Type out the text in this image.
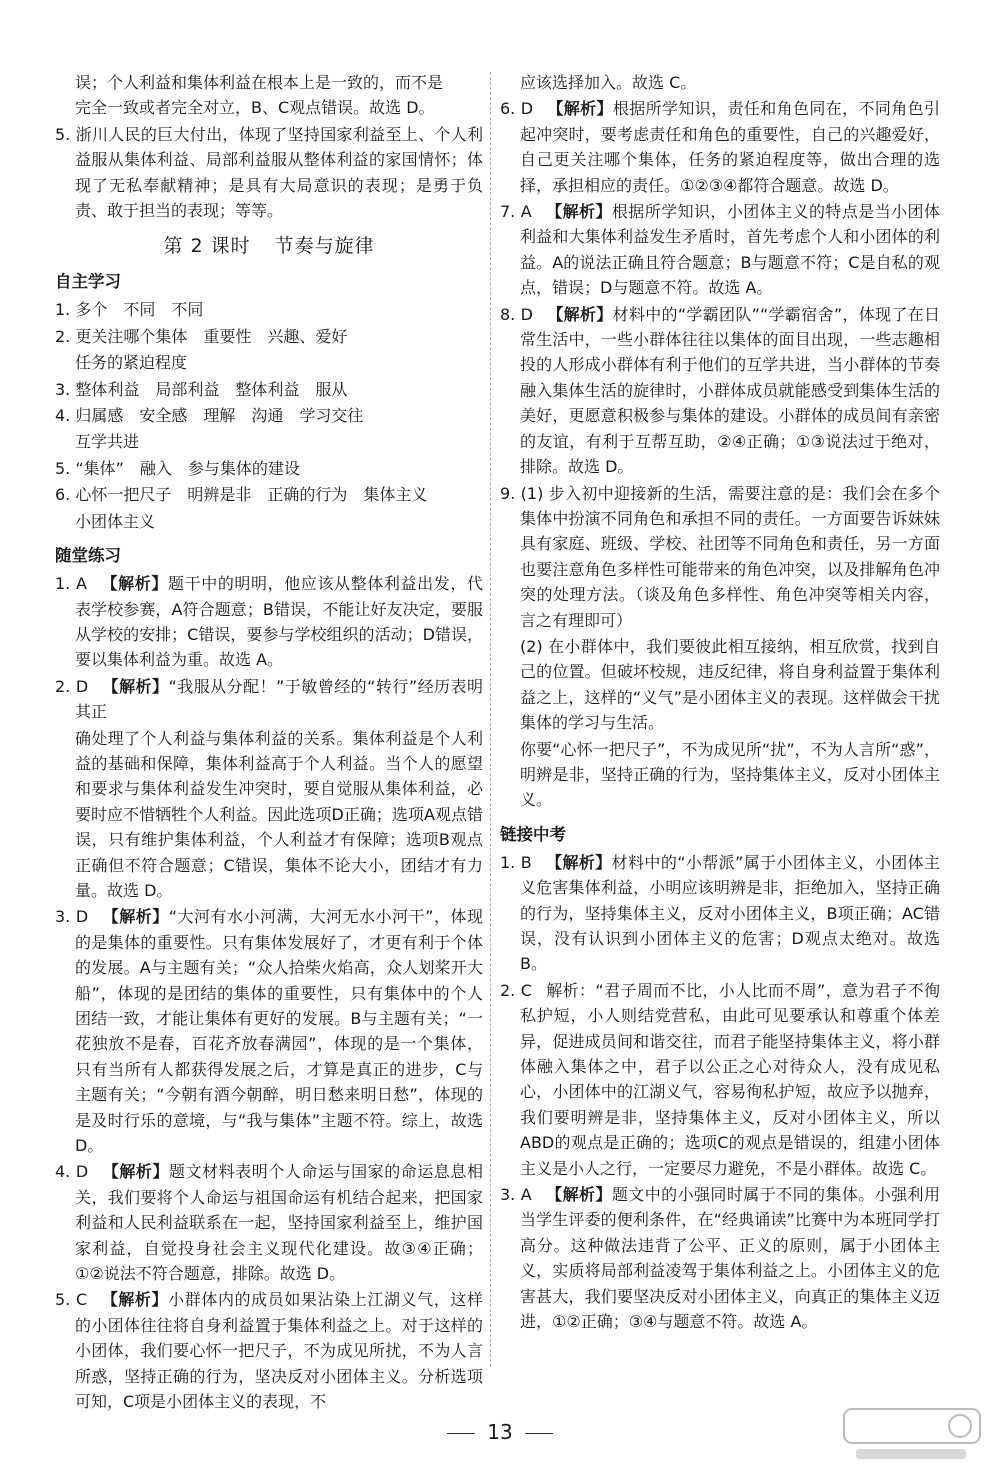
误；个人利益和集体利益在根本上是一致的，而不是
完全一致或者完全对立，B、C观点错误。故选 D。

5. 浙川人民的巨大付出，体现了坚持国家利益至上、个人利益服从集体利益、局部利益服从整体利益的家国情怀；体现了无私奉献精神；是具有大局意识的表现；是勇于负责、敢于担当的表现；等等。

第 2 课时 节奏与旋律
自主学习

1. 多个　不同　不同

2. 更关注哪个集体　重要性　兴趣、爱好

任务的紧迫程度

3. 整体利益　局部利益　整体利益　服从

4. 归属感　安全感　理解　沟通　学习交往

互学共进

5. “集体”　融入　参与集体的建设

6. 心怀一把尺子　明辨是非　正确的行为　集体主义

小团体主义

随堂练习

1. A 【解析】题干中的明明，他应该从整体利益出发，代表学校参赛，A符合题意；B错误，不能让好友决定，要服从学校的安排；C错误，要参与学校组织的活动；D错误，要以集体利益为重。故选 A。

2. D 【解析】“我服从分配！”于敏曾经的“转行”经历表明其正

确处理了个人利益与集体利益的关系。集体利益是个人利益的基础和保障，集体利益高于个人利益。当个人的愿望和要求与集体利益发生冲突时，要自觉服从集体利益，必要时应不惜牺牲个人利益。因此选项D正确；选项A观点错误，只有维护集体利益，个人利益才有保障；选项B观点正确但不符合题意；C错误，集体不论大小，团结才有力量。故选 D。

3. D 【解析】“大河有水小河满，大河无水小河干”，体现的是集体的重要性。只有集体发展好了，才更有利于个体的发展。A与主题有关；“众人拾柴火焰高，众人划桨开大船”，体现的是团结的集体的重要性，只有集体中的个人团结一致，才能让集体有更好的发展。B与主题有关；“一花独放不是春，百花齐放春满园”，体现的是一个集体，只有当所有人都获得发展之后，才算是真正的进步，C与主题有关；“今朝有酒今朝醉，明日愁来明日愁”，体现的是及时行乐的意境，与“我与集体”主题不符。综上，故选 D。

4. D 【解析】题文材料表明个人命运与国家的命运息息相关，我们要将个人命运与祖国命运有机结合起来，把国家利益和人民利益联系在一起，坚持国家利益至上，维护国家利益，自觉投身社会主义现代化建设。故③④正确；①②说法不符合题意，排除。故选 D。

5. C 【解析】小群体内的成员如果沾染上江湖义气，这样的小团体往往将自身利益置于集体利益之上。对于这样的小团体，我们要心怀一把尺子，不为成见所扰，不为人言所惑，坚持正确的行为，坚决反对小团体主义。分析选项可知，C项是小团体主义的表现，不

应该选择加入。故选 C。

6. D 【解析】根据所学知识，责任和角色同在，不同角色引起冲突时，要考虑责任和角色的重要性，自己的兴趣爱好，自己更关注哪个集体，任务的紧迫程度等，做出合理的选择，承担相应的责任。①②③④都符合题意。故选 D。

7. A 【解析】根据所学知识，小团体主义的特点是当小团体利益和大集体利益发生矛盾时，首先考虑个人和小团体的利益。A的说法正确且符合题意；B与题意不符；C是自私的观点，错误；D与题意不符。故选 A。

8. D 【解析】材料中的“学霸团队”“学霸宿舍”，体现了在日常生活中，一些小群体往往以集体的面目出现，一些志趣相投的人形成小群体有利于他们的互学共进，当小群体的节奏融入集体生活的旋律时，小群体成员就能感受到集体生活的美好，更愿意积极参与集体的建设。小群体的成员间有亲密的友谊，有利于互帮互助，②④正确；①③说法过于绝对，排除。故选 D。

9. (1) 步入初中迎接新的生活，需要注意的是：我们会在多个集体中扮演不同角色和承担不同的责任。一方面要告诉妹妹具有家庭、班级、学校、社团等不同角色和责任，另一方面也要注意角色多样性可能带来的角色冲突，以及排解角色冲突的处理方法。（谈及角色多样性、角色冲突等相关内容，言之有理即可）

(2) 在小群体中，我们要彼此相互接纳，相互欣赏，找到自己的位置。但破坏校规，违反纪律，将自身利益置于集体利益之上，这样的“义气”是小团体主义的表现。这样做会干扰集体的学习与生活。

你要“心怀一把尺子”，不为成见所“扰”，不为人言所“惑”，明辨是非，坚持正确的行为，坚持集体主义，反对小团体主义。

链接中考

1. B 【解析】材料中的“小帮派”属于小团体主义，小团体主义危害集体利益，小明应该明辨是非，拒绝加入，坚持正确的行为，坚持集体主义，反对小团体主义，B项正确；AC错误，没有认识到小团体主义的危害；D观点太绝对。故选 B。

2. C 解析：“君子周而不比，小人比而不周”，意为君子不徇私护短，小人则结党营私，由此可见要承认和尊重个体差异，促进成员间和谐交往，而君子能坚持集体主义，将小群体融入集体之中，君子以公正之心对待众人，没有成见私心，小团体中的江湖义气，容易徇私护短，故应予以抛弃，我们要明辨是非，坚持集体主义，反对小团体主义，所以ABD的观点是正确的；选项C的观点是错误的，组建小团体主义是小人之行，一定要尽力避免，不是小群体。故选 C。

3. A 【解析】题文中的小强同时属于不同的集体。小强利用当学生评委的便利条件，在“经典诵读”比赛中为本班同学打高分。这种做法违背了公平、正义的原则，属于小团体主义，实质将局部利益凌驾于集体利益之上。小团体主义的危害甚大，我们要坚决反对小团体主义，向真正的集体主义迈进，①②正确；③④与题意不符。故选 A。

13
